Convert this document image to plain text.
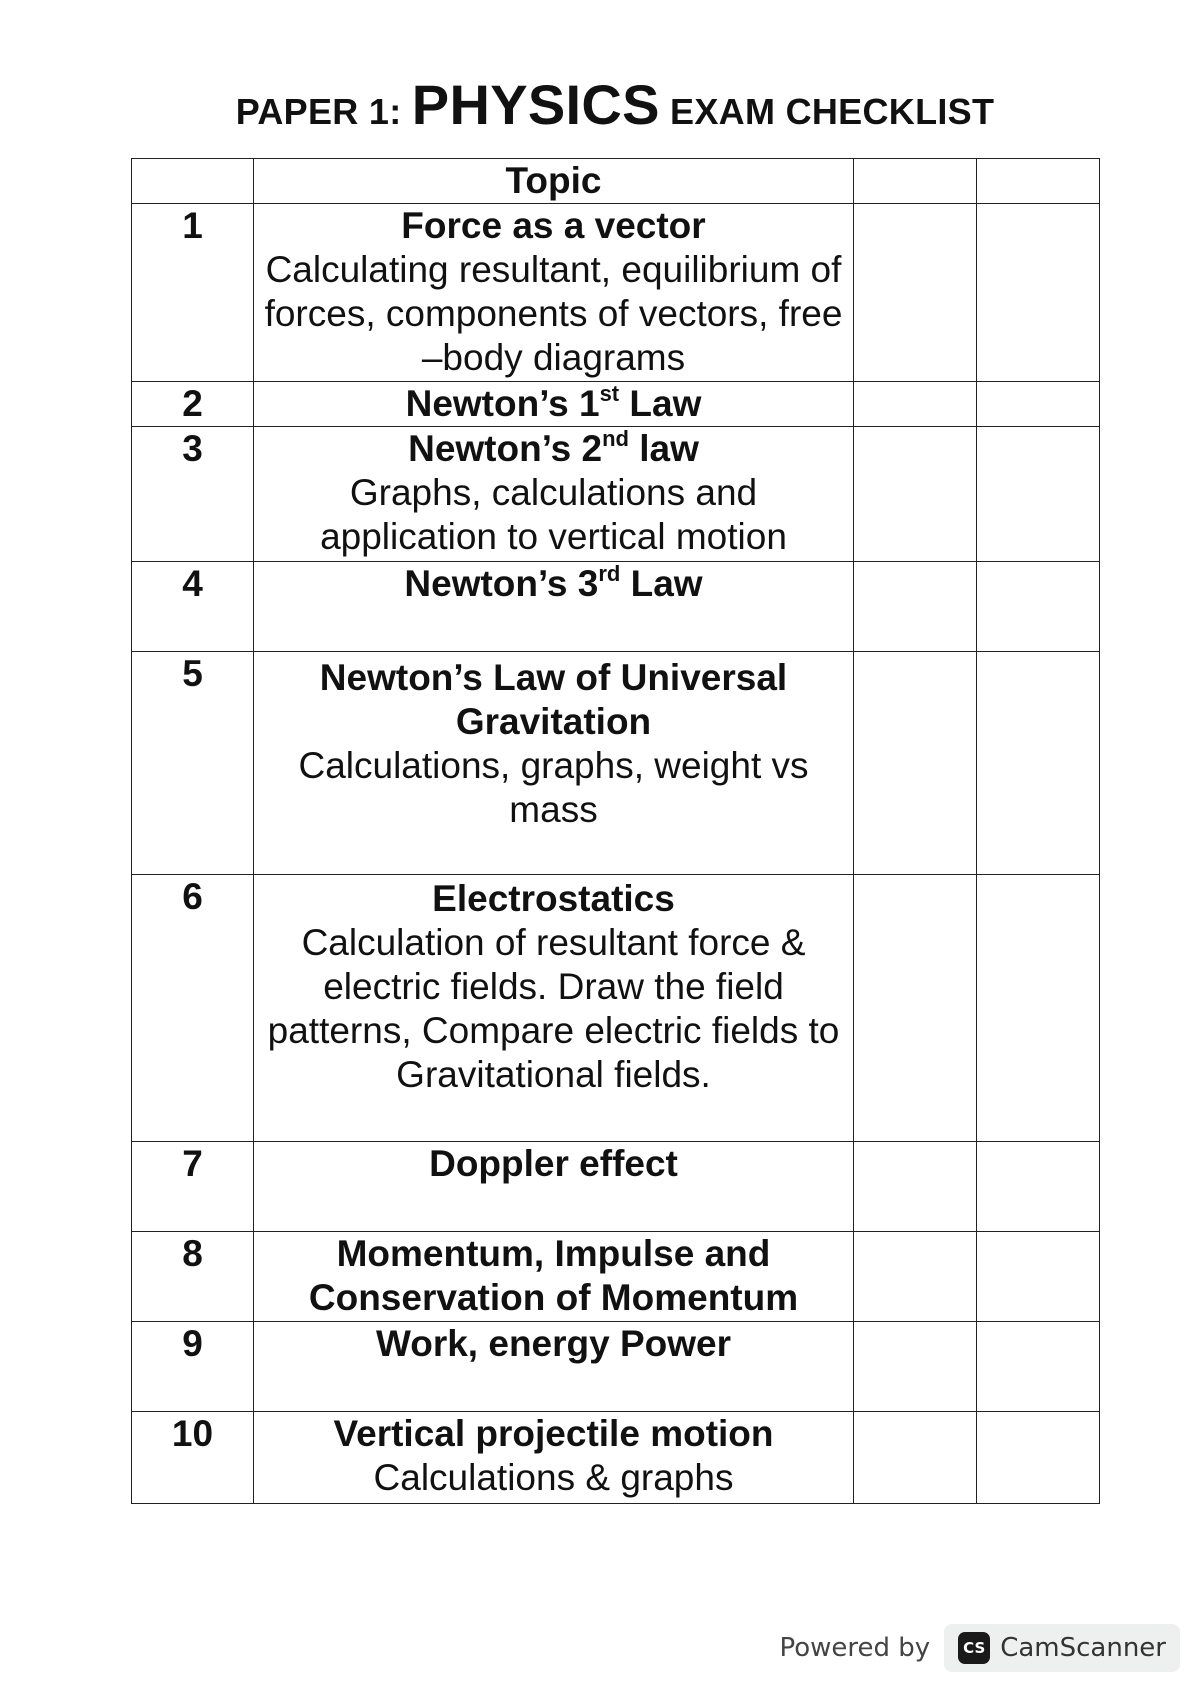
PAPER 1: PHYSICS EXAM CHECKLIST
	Topic		
1	Force as a vector
Calculating resultant, equilibrium of forces, components of vectors, free –body diagrams		

2	Newton’s 1st Law		

3	Newton’s 2nd law
Graphs, calculations and application to vertical motion		

4	Newton’s 3rd Law		

5	Newton’s Law of Universal Gravitation
Calculations, graphs, weight vs mass		

6	Electrostatics
Calculation of resultant force & electric fields. Draw the field patterns, Compare electric fields to Gravitational fields.		

7	Doppler effect		

8	Momentum, Impulse and Conservation of Momentum		

9	Work, energy Power		

10	Vertical projectile motion
Calculations & graphs		

Powered by	CS CamScanner
